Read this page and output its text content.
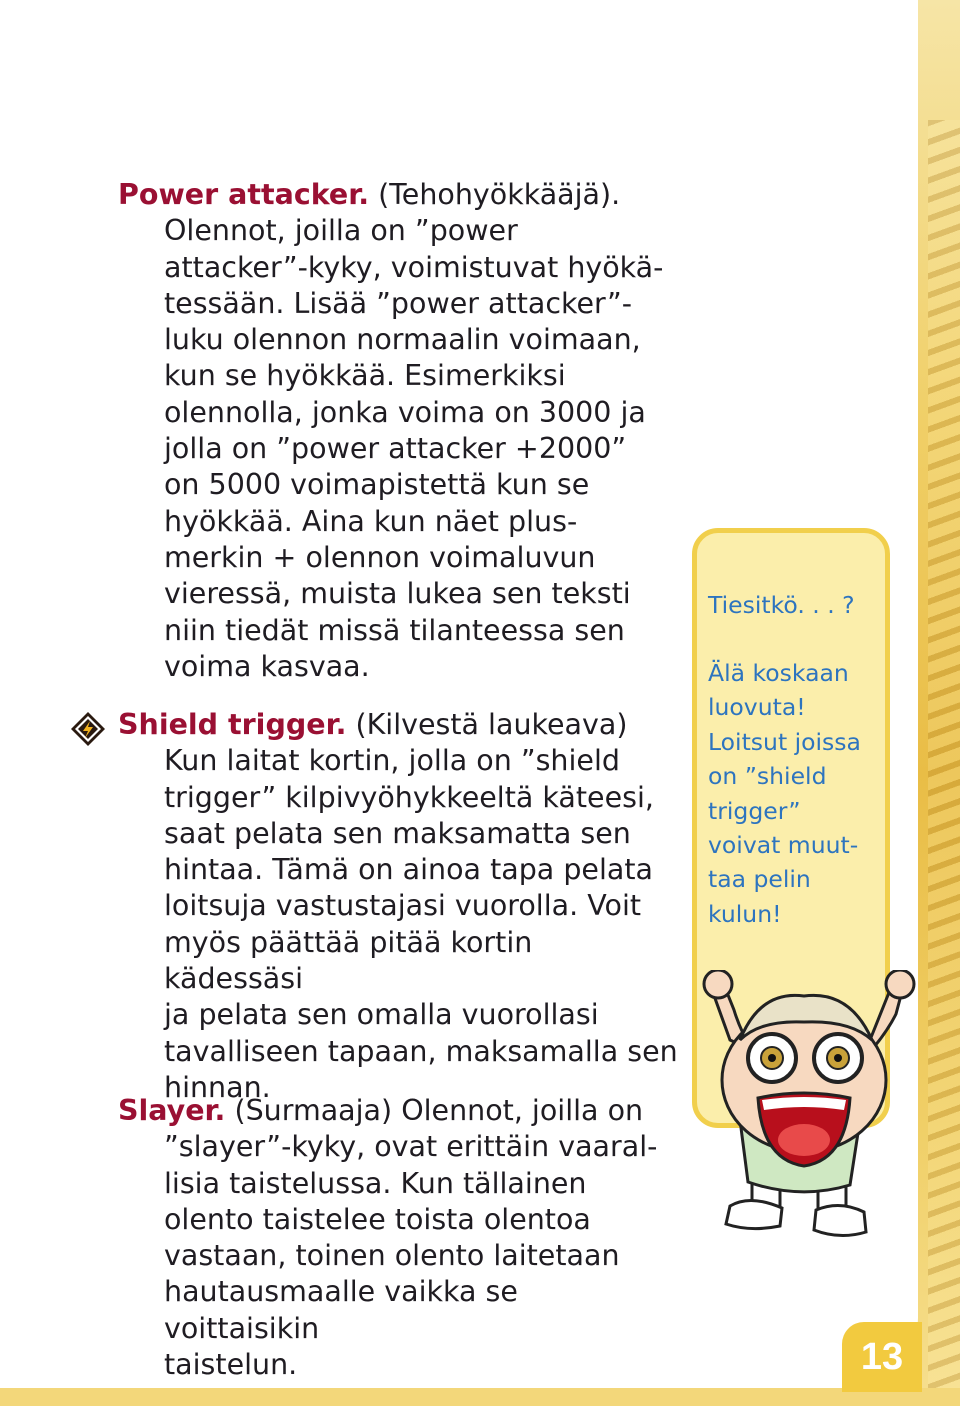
Power attacker. (Tehohyökkääjä).
Olennot, joilla on ”power
attacker”-kyky, voimistuvat hyökä-
tessään. Lisää ”power attacker”-
luku olennon normaalin voimaan,
kun se hyökkää. Esimerkiksi
olennolla, jonka voima on 3000 ja
jolla on ”power attacker +2000”
on 5000 voimapistettä kun se
hyökkää. Aina kun näet plus-
merkin + olennon voimaluvun
vieressä, muista lukea sen teksti
niin tiedät missä tilanteessa sen
voima kasvaa.
Shield trigger. (Kilvestä laukeava)
Kun laitat kortin, jolla on ”shield
trigger” kilpivyöhykkeeltä käteesi,
saat pelata sen maksamatta sen
hintaa. Tämä on ainoa tapa pelata
loitsuja vastustajasi vuorolla. Voit
myös päättää pitää kortin kädessäsi
ja pelata sen omalla vuorollasi
tavalliseen tapaan, maksamalla sen
hinnan.
Slayer. (Surmaaja) Olennot, joilla on
”slayer”-kyky, ovat erittäin vaaral-
lisia taistelussa. Kun tällainen
olento taistelee toista olentoa
vastaan, toinen olento laitetaan
hautausmaalle vaikka se voittaisikin
taistelun.
Tiesitkö. . . ?
Älä koskaan
luovuta!
Loitsut joissa
on ”shield
trigger”
voivat muut-
taa pelin
kulun!
13
